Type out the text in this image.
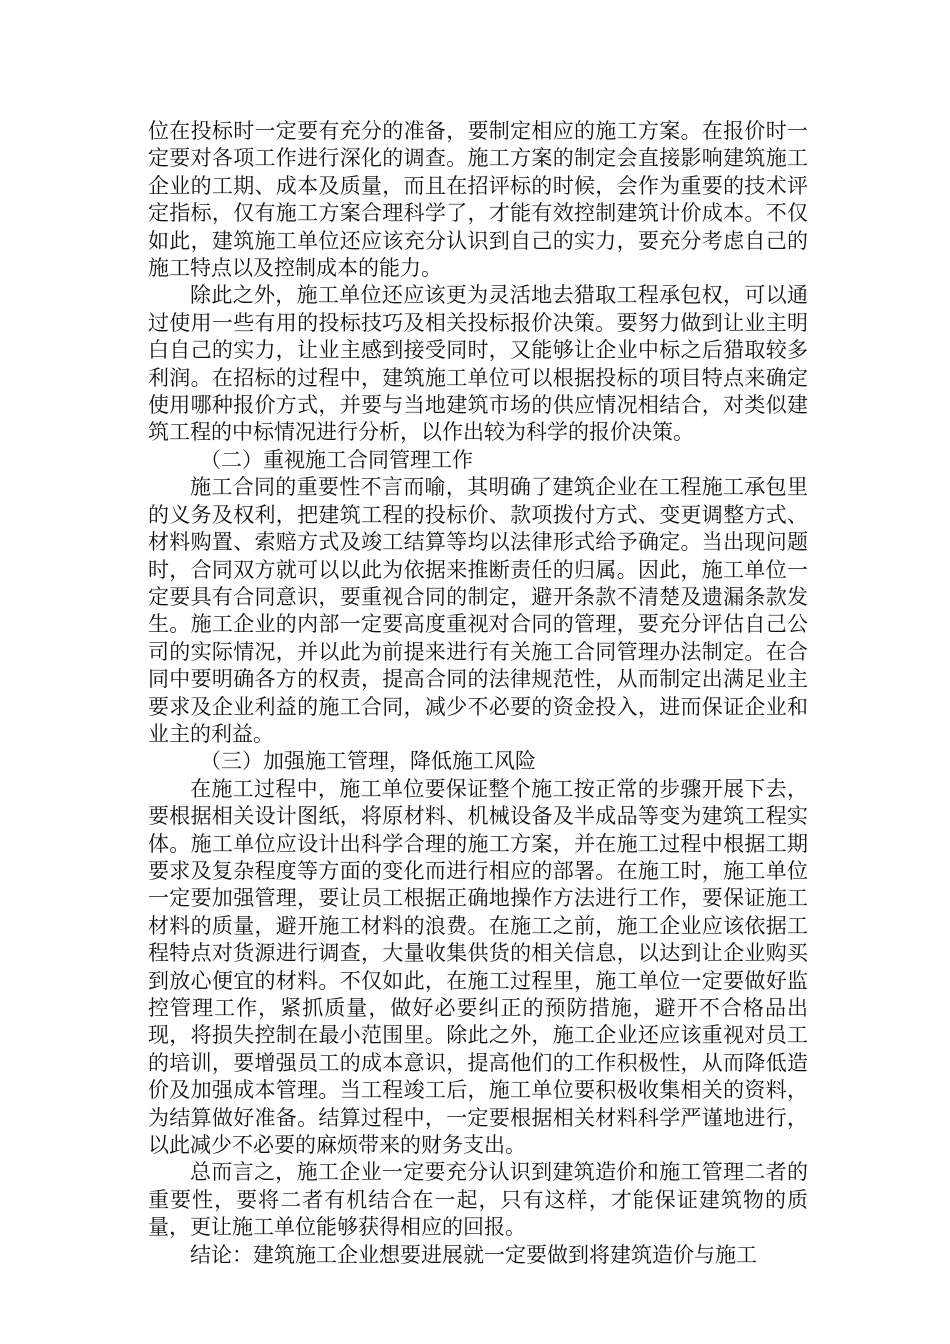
位在投标时一定要有充分的准备，要制定相应的施工方案。在报价时一定要对各项工作进行深化的调查。施工方案的制定会直接影响建筑施工企业的工期、成本及质量，而且在招评标的时候，会作为重要的技术评定指标，仅有施工方案合理科学了，才能有效控制建筑计价成本。不仅如此，建筑施工单位还应该充分认识到自己的实力，要充分考虑自己的施工特点以及控制成本的能力。

除此之外，施工单位还应该更为灵活地去猎取工程承包权，可以通过使用一些有用的投标技巧及相关投标报价决策。要努力做到让业主明白自己的实力，让业主感到接受同时，又能够让企业中标之后猎取较多利润。在招标的过程中，建筑施工单位可以根据投标的项目特点来确定使用哪种报价方式，并要与当地建筑市场的供应情况相结合，对类似建筑工程的中标情况进行分析，以作出较为科学的报价决策。

（二）重视施工合同管理工作

施工合同的重要性不言而喻，其明确了建筑企业在工程施工承包里的义务及权利，把建筑工程的投标价、款项拨付方式、变更调整方式、材料购置、索赔方式及竣工结算等均以法律形式给予确定。当出现问题时，合同双方就可以以此为依据来推断责任的归属。因此，施工单位一定要具有合同意识，要重视合同的制定，避开条款不清楚及遗漏条款发生。施工企业的内部一定要高度重视对合同的管理，要充分评估自己公司的实际情况，并以此为前提来进行有关施工合同管理办法制定。在合同中要明确各方的权责，提高合同的法律规范性，从而制定出满足业主要求及企业利益的施工合同，减少不必要的资金投入，进而保证企业和业主的利益。

（三）加强施工管理，降低施工风险

在施工过程中，施工单位要保证整个施工按正常的步骤开展下去，要根据相关设计图纸，将原材料、机械设备及半成品等变为建筑工程实体。施工单位应设计出科学合理的施工方案，并在施工过程中根据工期要求及复杂程度等方面的变化而进行相应的部署。在施工时，施工单位一定要加强管理，要让员工根据正确地操作方法进行工作，要保证施工材料的质量，避开施工材料的浪费。在施工之前，施工企业应该依据工程特点对货源进行调查，大量收集供货的相关信息，以达到让企业购买到放心便宜的材料。不仅如此，在施工过程里，施工单位一定要做好监控管理工作，紧抓质量，做好必要纠正的预防措施，避开不合格品出现，将损失控制在最小范围里。除此之外，施工企业还应该重视对员工的培训，要增强员工的成本意识，提高他们的工作积极性，从而降低造价及加强成本管理。当工程竣工后，施工单位要积极收集相关的资料，为结算做好准备。结算过程中，一定要根据相关材料科学严谨地进行，以此减少不必要的麻烦带来的财务支出。

总而言之，施工企业一定要充分认识到建筑造价和施工管理二者的重要性，要将二者有机结合在一起，只有这样，才能保证建筑物的质量，更让施工单位能够获得相应的回报。

结论：建筑施工企业想要进展就一定要做到将建筑造价与施工
